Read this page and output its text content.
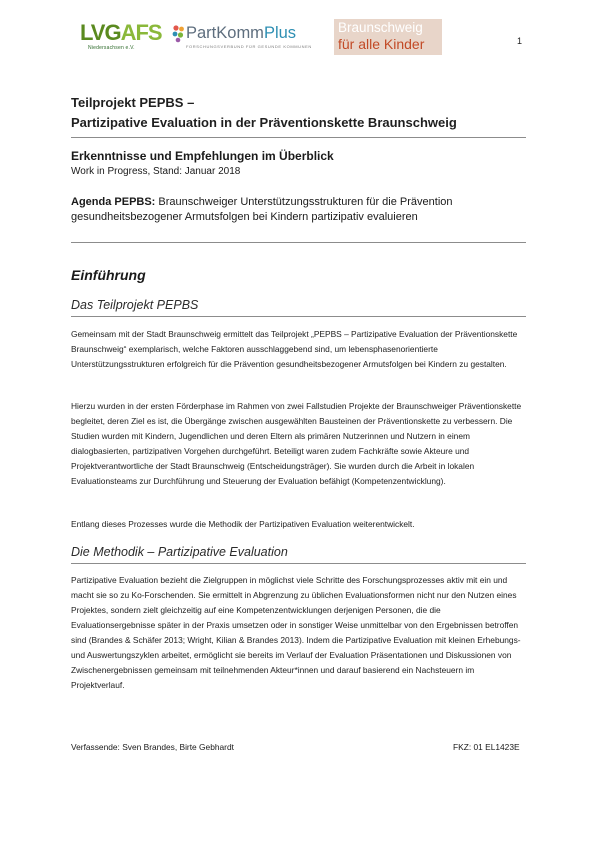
LVGAFS
Niedersachsen e.V.
PartKommPlus
FORSCHUNGSVERBUND FÜR GESUNDE KOMMUNEN
Braunschweig
für alle Kinder	1
Teilprojekt PEPBS –
Partizipative Evaluation in der Präventionskette Braunschweig
Erkenntnisse und Empfehlungen im Überblick
Work in Progress, Stand: Januar 2018
Agenda PEPBS: Braunschweiger Unterstützungsstrukturen für die Prävention gesundheitsbezogener Armutsfolgen bei Kindern partizipativ evaluieren
Einführung
Das Teilprojekt PEPBS
Gemeinsam mit der Stadt Braunschweig ermittelt das Teilprojekt „PEPBS – Partizipative Evaluation der Präventionskette Braunschweig“ exemplarisch, welche Faktoren ausschlaggebend sind, um lebensphasenorientierte Unterstützungsstrukturen erfolgreich für die Prävention gesundheitsbezogener Armutsfolgen bei Kindern zu gestalten.
Hierzu wurden in der ersten Förderphase im Rahmen von zwei Fallstudien Projekte der Braunschweiger Präventionskette begleitet, deren Ziel es ist, die Übergänge zwischen ausgewählten Bausteinen der Präventionskette zu verbessern. Die Studien wurden mit Kindern, Jugendlichen und deren Eltern als primären Nutzerinnen und Nutzern in einem dialogbasierten, partizipativen Vorgehen durchgeführt. Beteiligt waren zudem Fachkräfte sowie Akteure und Projektverantwortliche der Stadt Braunschweig (Entscheidungsträger). Sie wurden durch die Arbeit in lokalen Evaluationsteams zur Durchführung und Steuerung der Evaluation befähigt (Kompetenzentwicklung).
Entlang dieses Prozesses wurde die Methodik der Partizipativen Evaluation weiterentwickelt.
Die Methodik – Partizipative Evaluation
Partizipative Evaluation bezieht die Zielgruppen in möglichst viele Schritte des Forschungsprozesses aktiv mit ein und macht sie so zu Ko-Forschenden. Sie ermittelt in Abgrenzung zu üblichen Evaluationsformen nicht nur den Nutzen eines Projektes, sondern zielt gleichzeitig auf eine Kompetenzentwicklungen derjenigen Personen, die die Evaluationsergebnisse später in der Praxis umsetzen oder in sonstiger Weise unmittelbar von den Ergebnissen betroffen sind (Brandes & Schäfer 2013; Wright, Kilian & Brandes 2013). Indem die Partizipative Evaluation mit kleinen Erhebungs- und Auswertungszyklen arbeitet, ermöglicht sie bereits im Verlauf der Evaluation Präsentationen und Diskussionen von Zwischenergebnissen gemeinsam mit teilnehmenden Akteur*innen und darauf basierend ein Nachsteuern im Projektverlauf.
Verfassende: Sven Brandes, Birte Gebhardt	FKZ: 01 EL1423E
